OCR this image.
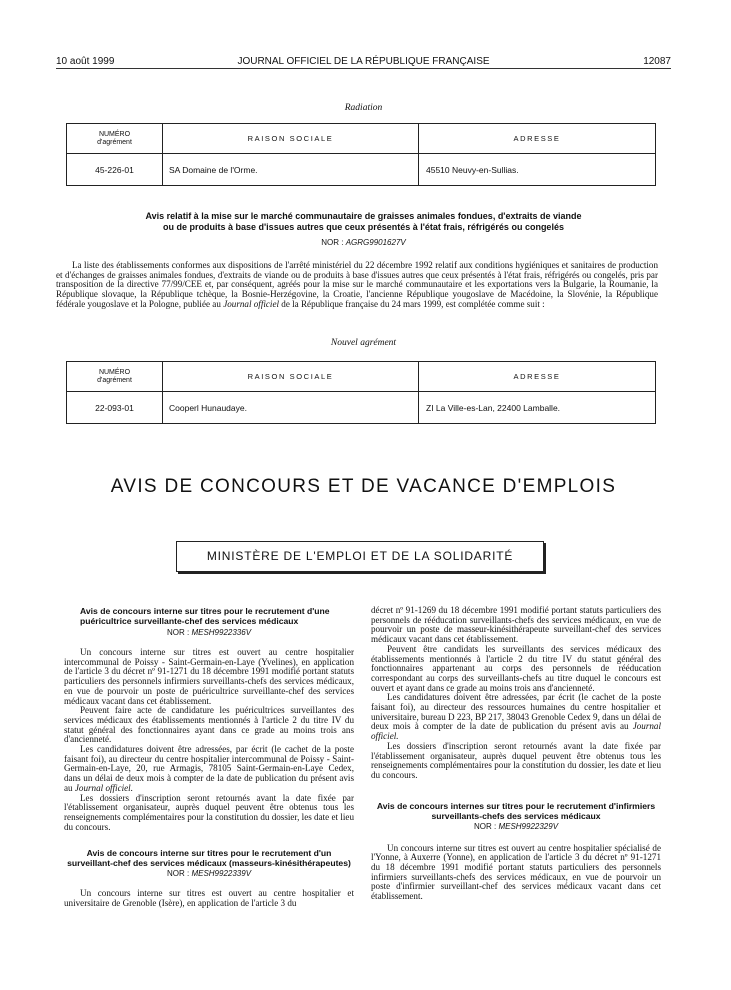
10 août 1999	JOURNAL OFFICIEL DE LA RÉPUBLIQUE FRANÇAISE	12087
Radiation
NUMÉRO
d'agrément	RAISON SOCIALE	ADRESSE
45-226-01	SA Domaine de l'Orme.	45510 Neuvy-en-Sullias.
Avis relatif à la mise sur le marché communautaire de graisses animales fondues, d'extraits de viande
ou de produits à base d'issues autres que ceux présentés à l'état frais, réfrigérés ou congelés
NOR : AGRG9901627V

La liste des établissements conformes aux dispositions de l'arrêté ministériel du 22 décembre 1992 relatif aux conditions hygiéniques et sanitaires de production et d'échanges de graisses animales fondues, d'extraits de viande ou de produits à base d'issues autres que ceux présentés à l'état frais, réfrigérés ou congelés, pris par transposition de la directive 77/99/CEE et, par conséquent, agréés pour la mise sur le marché communautaire et les exportations vers la Bulgarie, la Roumanie, la République slovaque, la République tchèque, la Bosnie-Herzégovine, la Croatie, l'ancienne République yougoslave de Macédoine, la Slovénie, la République fédérale yougoslave et la Pologne, publiée au Journal officiel de la République française du 24 mars 1999, est complétée comme suit :

Nouvel agrément
NUMÉRO
d'agrément	RAISON SOCIALE	ADRESSE
22-093-01	Cooperl Hunaudaye.	ZI La Ville-es-Lan, 22400 Lamballe.
AVIS DE CONCOURS ET DE VACANCE D'EMPLOIS
MINISTÈRE DE L'EMPLOI ET DE LA SOLIDARITÉ
Avis de concours interne sur titres pour le recrutement d'une puéricultrice surveillante-chef des services médicaux
NOR : MESH9922336V

Un concours interne sur titres est ouvert au centre hospitalier intercommunal de Poissy - Saint-Germain-en-Laye (Yvelines), en application de l'article 3 du décret nº 91-1271 du 18 décembre 1991 modifié portant statuts particuliers des personnels infirmiers surveillants-chefs des services médicaux, en vue de pourvoir un poste de puéricultrice surveillante-chef des services médicaux vacant dans cet établissement.

Peuvent faire acte de candidature les puéricultrices surveillantes des services médicaux des établissements mentionnés à l'article 2 du titre IV du statut général des fonctionnaires ayant dans ce grade au moins trois ans d'ancienneté.

Les candidatures doivent être adressées, par écrit (le cachet de la poste faisant foi), au directeur du centre hospitalier intercommunal de Poissy - Saint-Germain-en-Laye, 20, rue Armagis, 78105 Saint-Germain-en-Laye Cedex, dans un délai de deux mois à compter de la date de publication du présent avis au Journal officiel.

Les dossiers d'inscription seront retournés avant la date fixée par l'établissement organisateur, auprès duquel peuvent être obtenus tous les renseignements complémentaires pour la constitution du dossier, les date et lieu du concours.

Avis de concours interne sur titres pour le recrutement d'un surveillant-chef des services médicaux (masseurs-kinésithérapeutes)
NOR : MESH9922339V

Un concours interne sur titres est ouvert au centre hospitalier et universitaire de Grenoble (Isère), en application de l'article 3 du

décret nº 91-1269 du 18 décembre 1991 modifié portant statuts particuliers des personnels de rééducation surveillants-chefs des services médicaux, en vue de pourvoir un poste de masseur-kinésithérapeute surveillant-chef des services médicaux vacant dans cet établissement.

Peuvent être candidats les surveillants des services médicaux des établissements mentionnés à l'article 2 du titre IV du statut général des fonctionnaires appartenant au corps des personnels de rééducation correspondant au corps des surveillants-chefs au titre duquel le concours est ouvert et ayant dans ce grade au moins trois ans d'ancienneté.

Les candidatures doivent être adressées, par écrit (le cachet de la poste faisant foi), au directeur des ressources humaines du centre hospitalier et universitaire, bureau D 223, BP 217, 38043 Grenoble Cedex 9, dans un délai de deux mois à compter de la date de publication du présent avis au Journal officiel.

Les dossiers d'inscription seront retournés avant la date fixée par l'établissement organisateur, auprès duquel peuvent être obtenus tous les renseignements complémentaires pour la constitution du dossier, les date et lieu du concours.

Avis de concours internes sur titres pour le recrutement d'infirmiers surveillants-chefs des services médicaux
NOR : MESH9922329V

Un concours interne sur titres est ouvert au centre hospitalier spécialisé de l'Yonne, à Auxerre (Yonne), en application de l'article 3 du décret nº 91-1271 du 18 décembre 1991 modifié portant statuts particuliers des personnels infirmiers surveillants-chefs des services médicaux, en vue de pourvoir un poste d'infirmier surveillant-chef des services médicaux vacant dans cet établissement.
